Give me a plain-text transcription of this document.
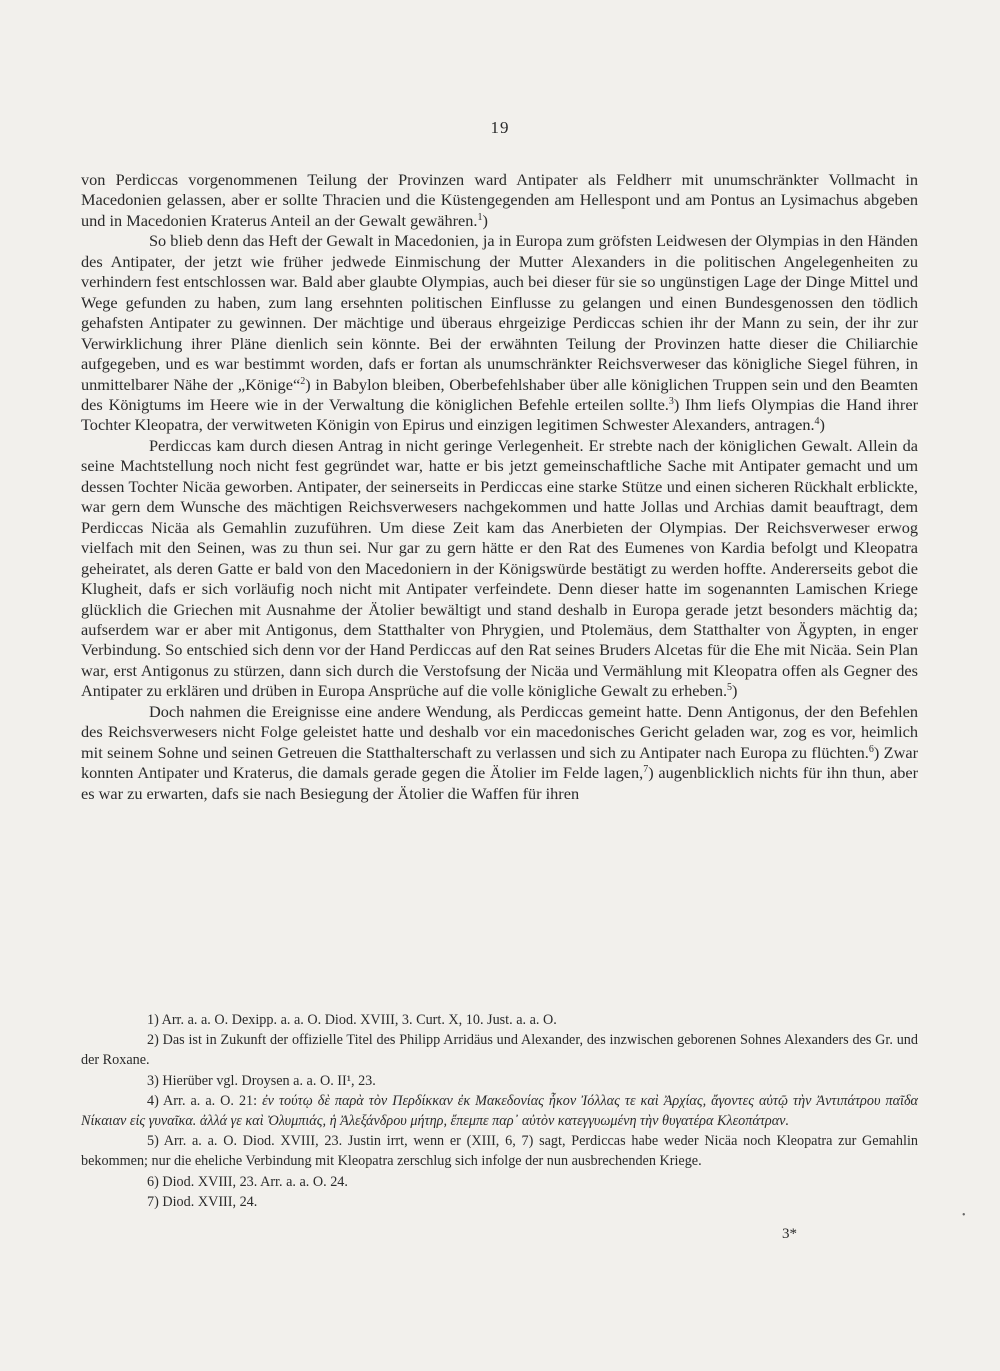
19

von Perdiccas vorgenommenen Teilung der Provinzen ward Antipater als Feldherr mit unumschränkter Vollmacht in Macedonien gelassen, aber er sollte Thracien und die Küstengegenden am Hellespont und am Pontus an Lysimachus abgeben und in Macedonien Kraterus Anteil an der Gewalt gewähren.$^1$)

So blieb denn das Heft der Gewalt in Macedonien, ja in Europa zum gröfsten Leidwesen der Olympias in den Händen des Antipater, der jetzt wie früher jedwede Einmischung der Mutter Alexanders in die politischen Angelegenheiten zu verhindern fest entschlossen war. Bald aber glaubte Olympias, auch bei dieser für sie so ungünstigen Lage der Dinge Mittel und Wege gefunden zu haben, zum lang ersehnten politischen Einflusse zu gelangen und einen Bundesgenossen den tödlich gehafsten Antipater zu gewinnen. Der mächtige und überaus ehrgeizige Perdiccas schien ihr der Mann zu sein, der ihr zur Verwirklichung ihrer Pläne dienlich sein könnte. Bei der erwähnten Teilung der Provinzen hatte dieser die Chiliarchie aufgegeben, und es war bestimmt worden, dafs er fortan als unumschränkter Reichsverweser das königliche Siegel führen, in unmittelbarer Nähe der „Könige“$^2$) in Babylon bleiben, Oberbefehlshaber über alle königlichen Truppen sein und den Beamten des Königtums im Heere wie in der Verwaltung die königlichen Befehle erteilen sollte.$^3$) Ihm liefs Olympias die Hand ihrer Tochter Kleopatra, der verwitweten Königin von Epirus und einzigen legitimen Schwester Alexanders, antragen.$^4$)

Perdiccas kam durch diesen Antrag in nicht geringe Verlegenheit. Er strebte nach der königlichen Gewalt. Allein da seine Machtstellung noch nicht fest gegründet war, hatte er bis jetzt gemeinschaftliche Sache mit Antipater gemacht und um dessen Tochter Nicäa geworben. Antipater, der seinerseits in Perdiccas eine starke Stütze und einen sicheren Rückhalt erblickte, war gern dem Wunsche des mächtigen Reichsverwesers nachgekommen und hatte Jollas und Archias damit beauftragt, dem Perdiccas Nicäa als Gemahlin zuzuführen. Um diese Zeit kam das Anerbieten der Olympias. Der Reichsverweser erwog vielfach mit den Seinen, was zu thun sei. Nur gar zu gern hätte er den Rat des Eumenes von Kardia befolgt und Kleopatra geheiratet, als deren Gatte er bald von den Macedoniern in der Königswürde bestätigt zu werden hoffte. Andererseits gebot die Klugheit, dafs er sich vorläufig noch nicht mit Antipater verfeindete. Denn dieser hatte im sogenannten Lamischen Kriege glücklich die Griechen mit Ausnahme der Ätolier bewältigt und stand deshalb in Europa gerade jetzt besonders mächtig da; aufserdem war er aber mit Antigonus, dem Statthalter von Phrygien, und Ptolemäus, dem Statthalter von Ägypten, in enger Verbindung. So entschied sich denn vor der Hand Perdiccas auf den Rat seines Bruders Alcetas für die Ehe mit Nicäa. Sein Plan war, erst Antigonus zu stürzen, dann sich durch die Verstofsung der Nicäa und Vermählung mit Kleopatra offen als Gegner des Antipater zu erklären und drüben in Europa Ansprüche auf die volle königliche Gewalt zu erheben.$^5$)

Doch nahmen die Ereignisse eine andere Wendung, als Perdiccas gemeint hatte. Denn Antigonus, der den Befehlen des Reichsverwesers nicht Folge geleistet hatte und deshalb vor ein macedonisches Gericht geladen war, zog es vor, heimlich mit seinem Sohne und seinen Getreuen die Statthalterschaft zu verlassen und sich zu Antipater nach Europa zu flüchten.$^6$) Zwar konnten Antipater und Kraterus, die damals gerade gegen die Ätolier im Felde lagen,$^7$) augenblicklich nichts für ihn thun, aber es war zu erwarten, dafs sie nach Besiegung der Ätolier die Waffen für ihren

1) Arr. a. a. O. Dexipp. a. a. O. Diod. XVIII, 3. Curt. X, 10. Just. a. a. O.

2) Das ist in Zukunft der offizielle Titel des Philipp Arridäus und Alexander, des inzwischen geborenen Sohnes Alexanders des Gr. und der Roxane.

3) Hierüber vgl. Droysen a. a. O. II¹, 23.

4) Arr. a. a. O. 21: ἐν τούτῳ δὲ παρὰ τὸν Περδίκκαν ἐκ Μακεδονίας ἧκον Ἰόλλας τε καὶ Ἀρχίας, ἄγοντες αὐτῷ τὴν Ἀντιπάτρου παῖδα Νίκαιαν εἰς γυναῖκα. ἀλλά γε καὶ Ὀλυμπιάς, ἡ Ἀλεξάνδρου μήτηρ, ἔπεμπε παρ᾽ αὐτὸν κατεγγυωμένη τὴν θυγατέρα Κλεοπάτραν.

5) Arr. a. a. O. Diod. XVIII, 23. Justin irrt, wenn er (XIII, 6, 7) sagt, Perdiccas habe weder Nicäa noch Kleopatra zur Gemahlin bekommen; nur die eheliche Verbindung mit Kleopatra zerschlug sich infolge der nun ausbrechenden Kriege.

6) Diod. XVIII, 23. Arr. a. a. O. 24.

7) Diod. XVIII, 24.

3*
•
